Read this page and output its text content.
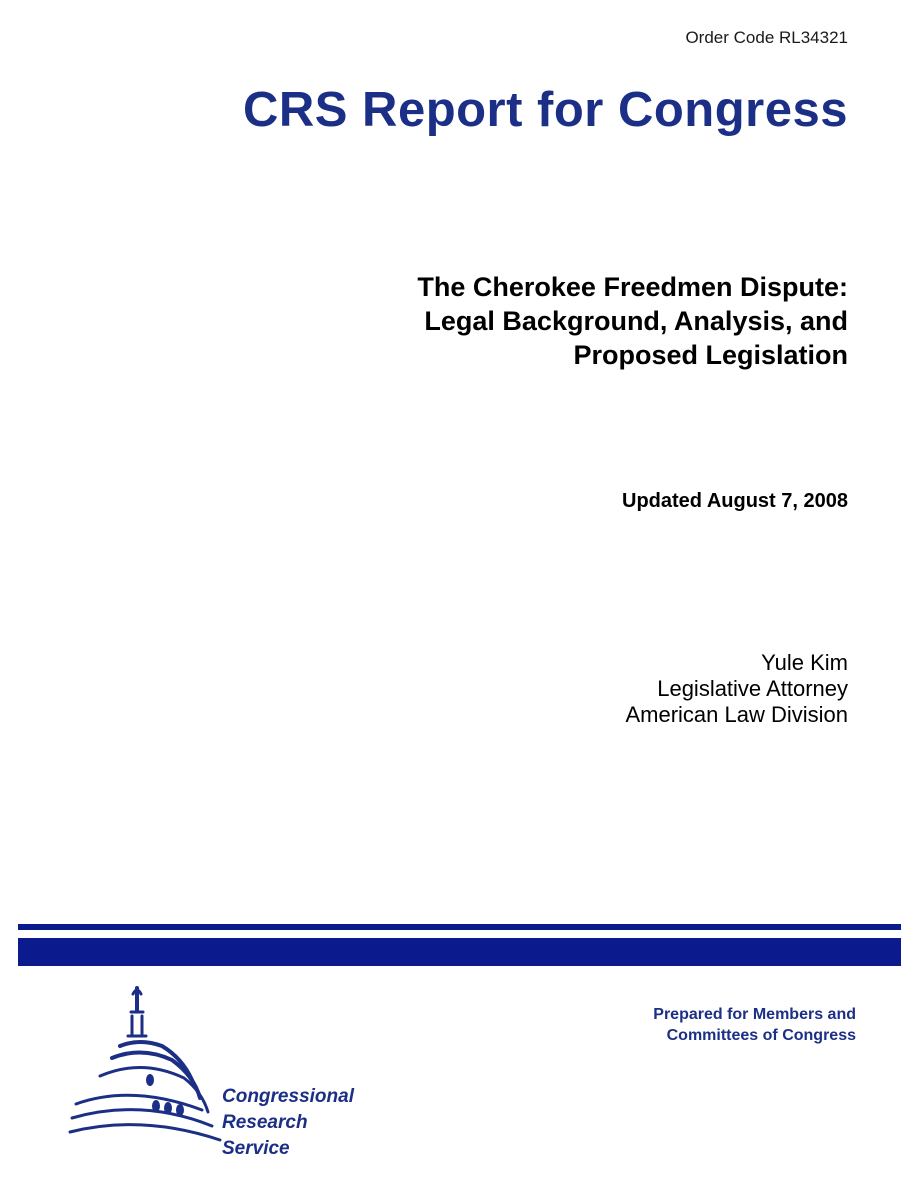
Order Code RL34321
CRS Report for Congress
The Cherokee Freedmen Dispute:
Legal Background, Analysis, and
Proposed Legislation
Updated August 7, 2008
Yule Kim
Legislative Attorney
American Law Division
Congressional
Research
Service
Prepared for Members and
Committees of Congress
